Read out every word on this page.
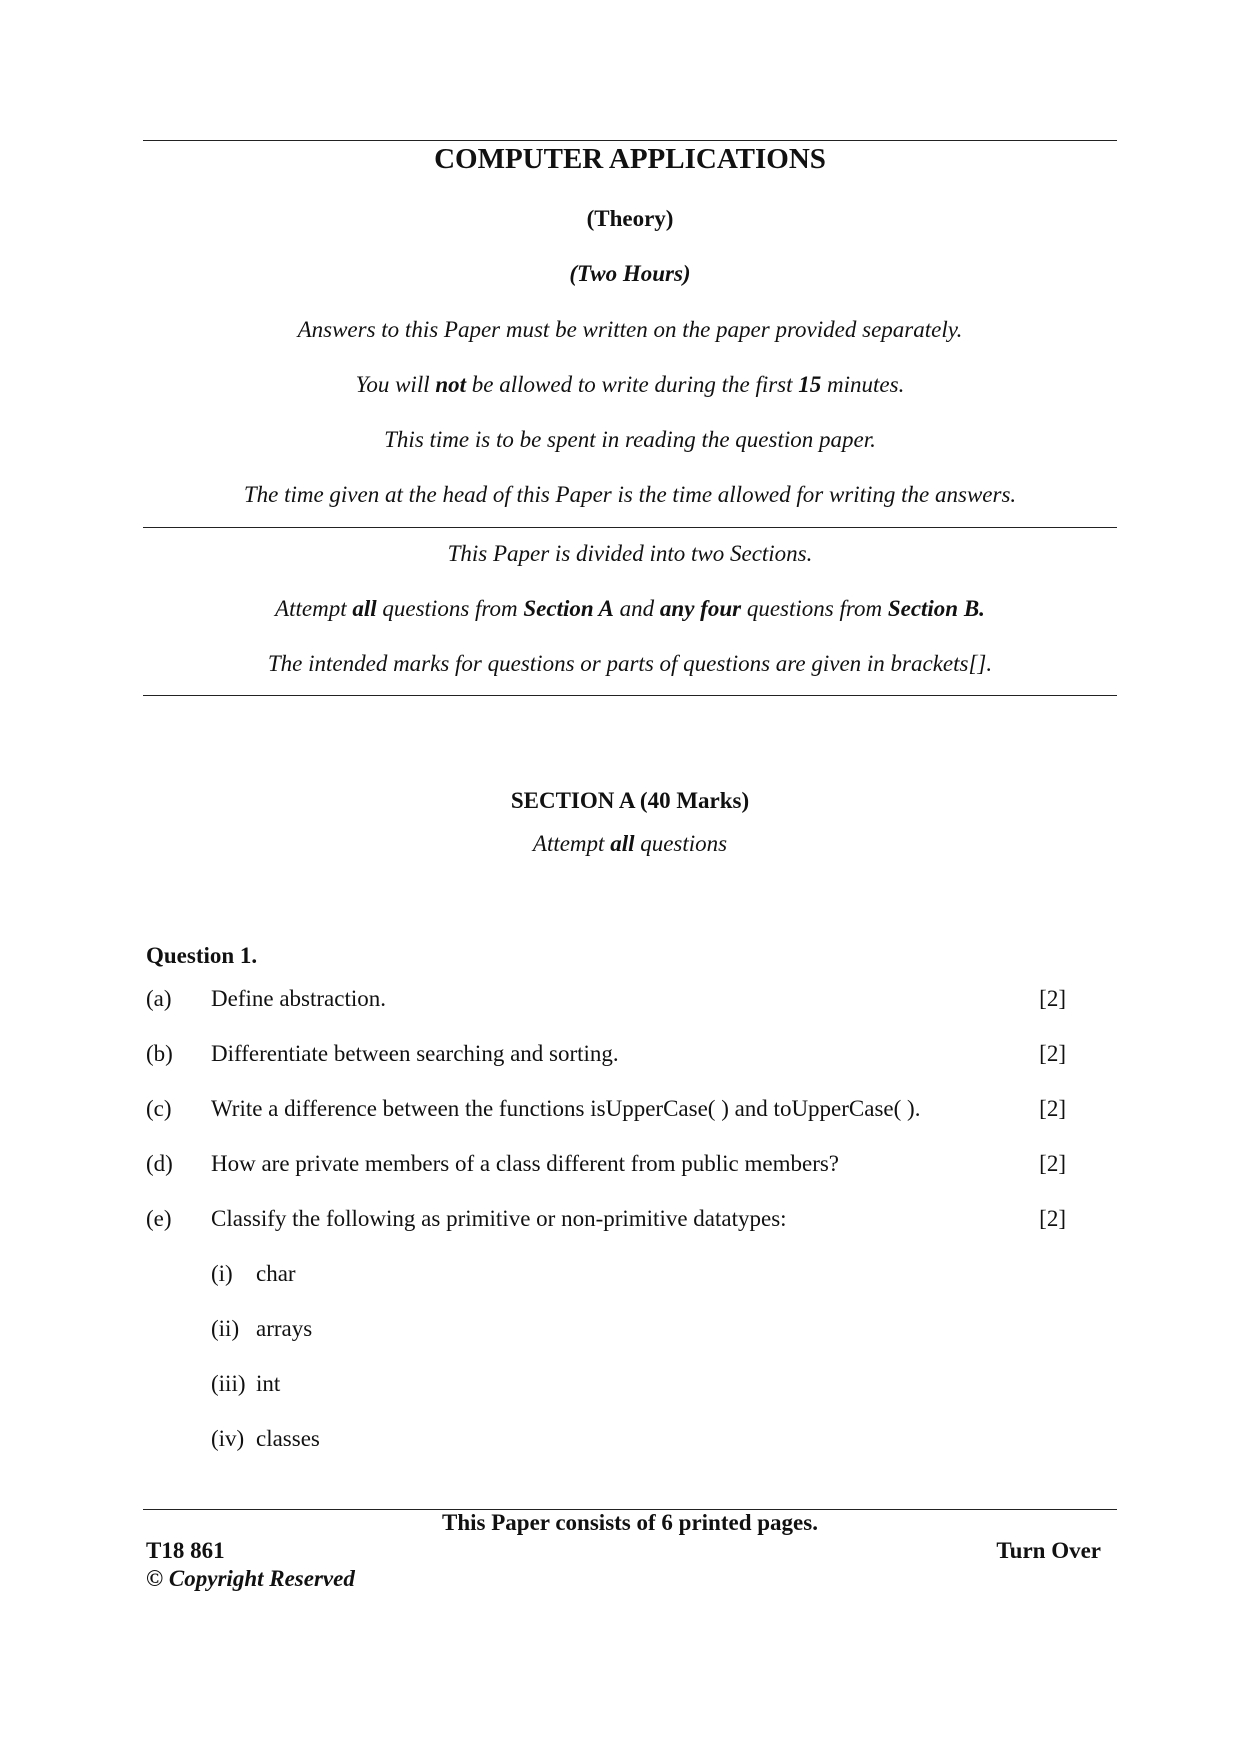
COMPUTER APPLICATIONS
(Theory)
(Two Hours)
Answers to this Paper must be written on the paper provided separately.
You will not be allowed to write during the first 15 minutes.
This time is to be spent in reading the question paper.
The time given at the head of this Paper is the time allowed for writing the answers.
This Paper is divided into two Sections.
Attempt all questions from Section A and any four questions from Section B.
The intended marks for questions or parts of questions are given in brackets[].
SECTION A (40 Marks)
Attempt all questions
Question 1.
(a) Define abstraction.	[2]
(b) Differentiate between searching and sorting.	[2]
(c) Write a difference between the functions isUpperCase( ) and toUpperCase( ).	[2]
(d) How are private members of a class different from public members?	[2]
(e) Classify the following as primitive or non-primitive datatypes:	[2]
(i) char
(ii) arrays
(iii) int
(iv) classes
This Paper consists of 6 printed pages.
T18 861	Turn Over
© Copyright Reserved
